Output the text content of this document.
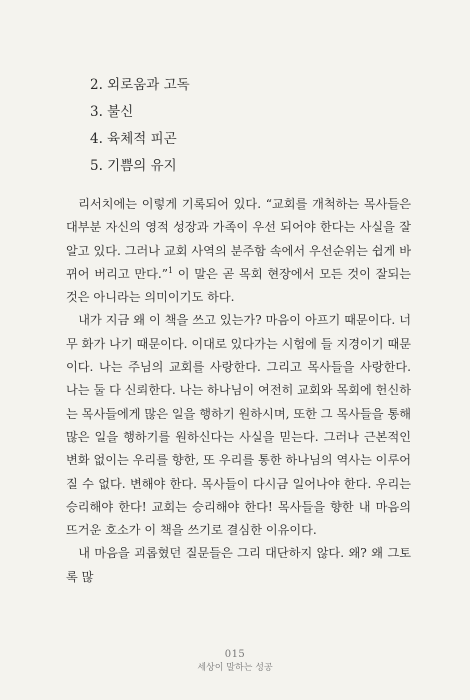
2. 외로움과 고독
3. 불신
4. 육체적 피곤
5. 기쁨의 유지

리서치에는 이렇게 기록되어 있다. “교회를 개척하는 목사들은 대부분 자신의 영적 성장과 가족이 우선 되어야 한다는 사실을 잘 알고 있다. 그러나 교회 사역의 분주함 속에서 우선순위는 쉽게 바뀌어 버리고 만다.”$^1$ 이 말은 곧 목회 현장에서 모든 것이 잘되는 것은 아니라는 의미이기도 하다.

내가 지금 왜 이 책을 쓰고 있는가? 마음이 아프기 때문이다. 너무 화가 나기 때문이다. 이대로 있다가는 시험에 들 지경이기 때문이다. 나는 주님의 교회를 사랑한다. 그리고 목사들을 사랑한다. 나는 둘 다 신뢰한다. 나는 하나님이 여전히 교회와 목회에 헌신하는 목사들에게 많은 일을 행하기 원하시며, 또한 그 목사들을 통해 많은 일을 행하기를 원하신다는 사실을 믿는다. 그러나 근본적인 변화 없이는 우리를 향한, 또 우리를 통한 하나님의 역사는 이루어질 수 없다. 변해야 한다. 목사들이 다시금 일어나야 한다. 우리는 승리해야 한다! 교회는 승리해야 한다! 목사들을 향한 내 마음의 뜨거운 호소가 이 책을 쓰기로 결심한 이유이다.

내 마음을 괴롭혔던 질문들은 그리 대단하지 않다. 왜? 왜 그토록 많

015
세상이 말하는 성공
